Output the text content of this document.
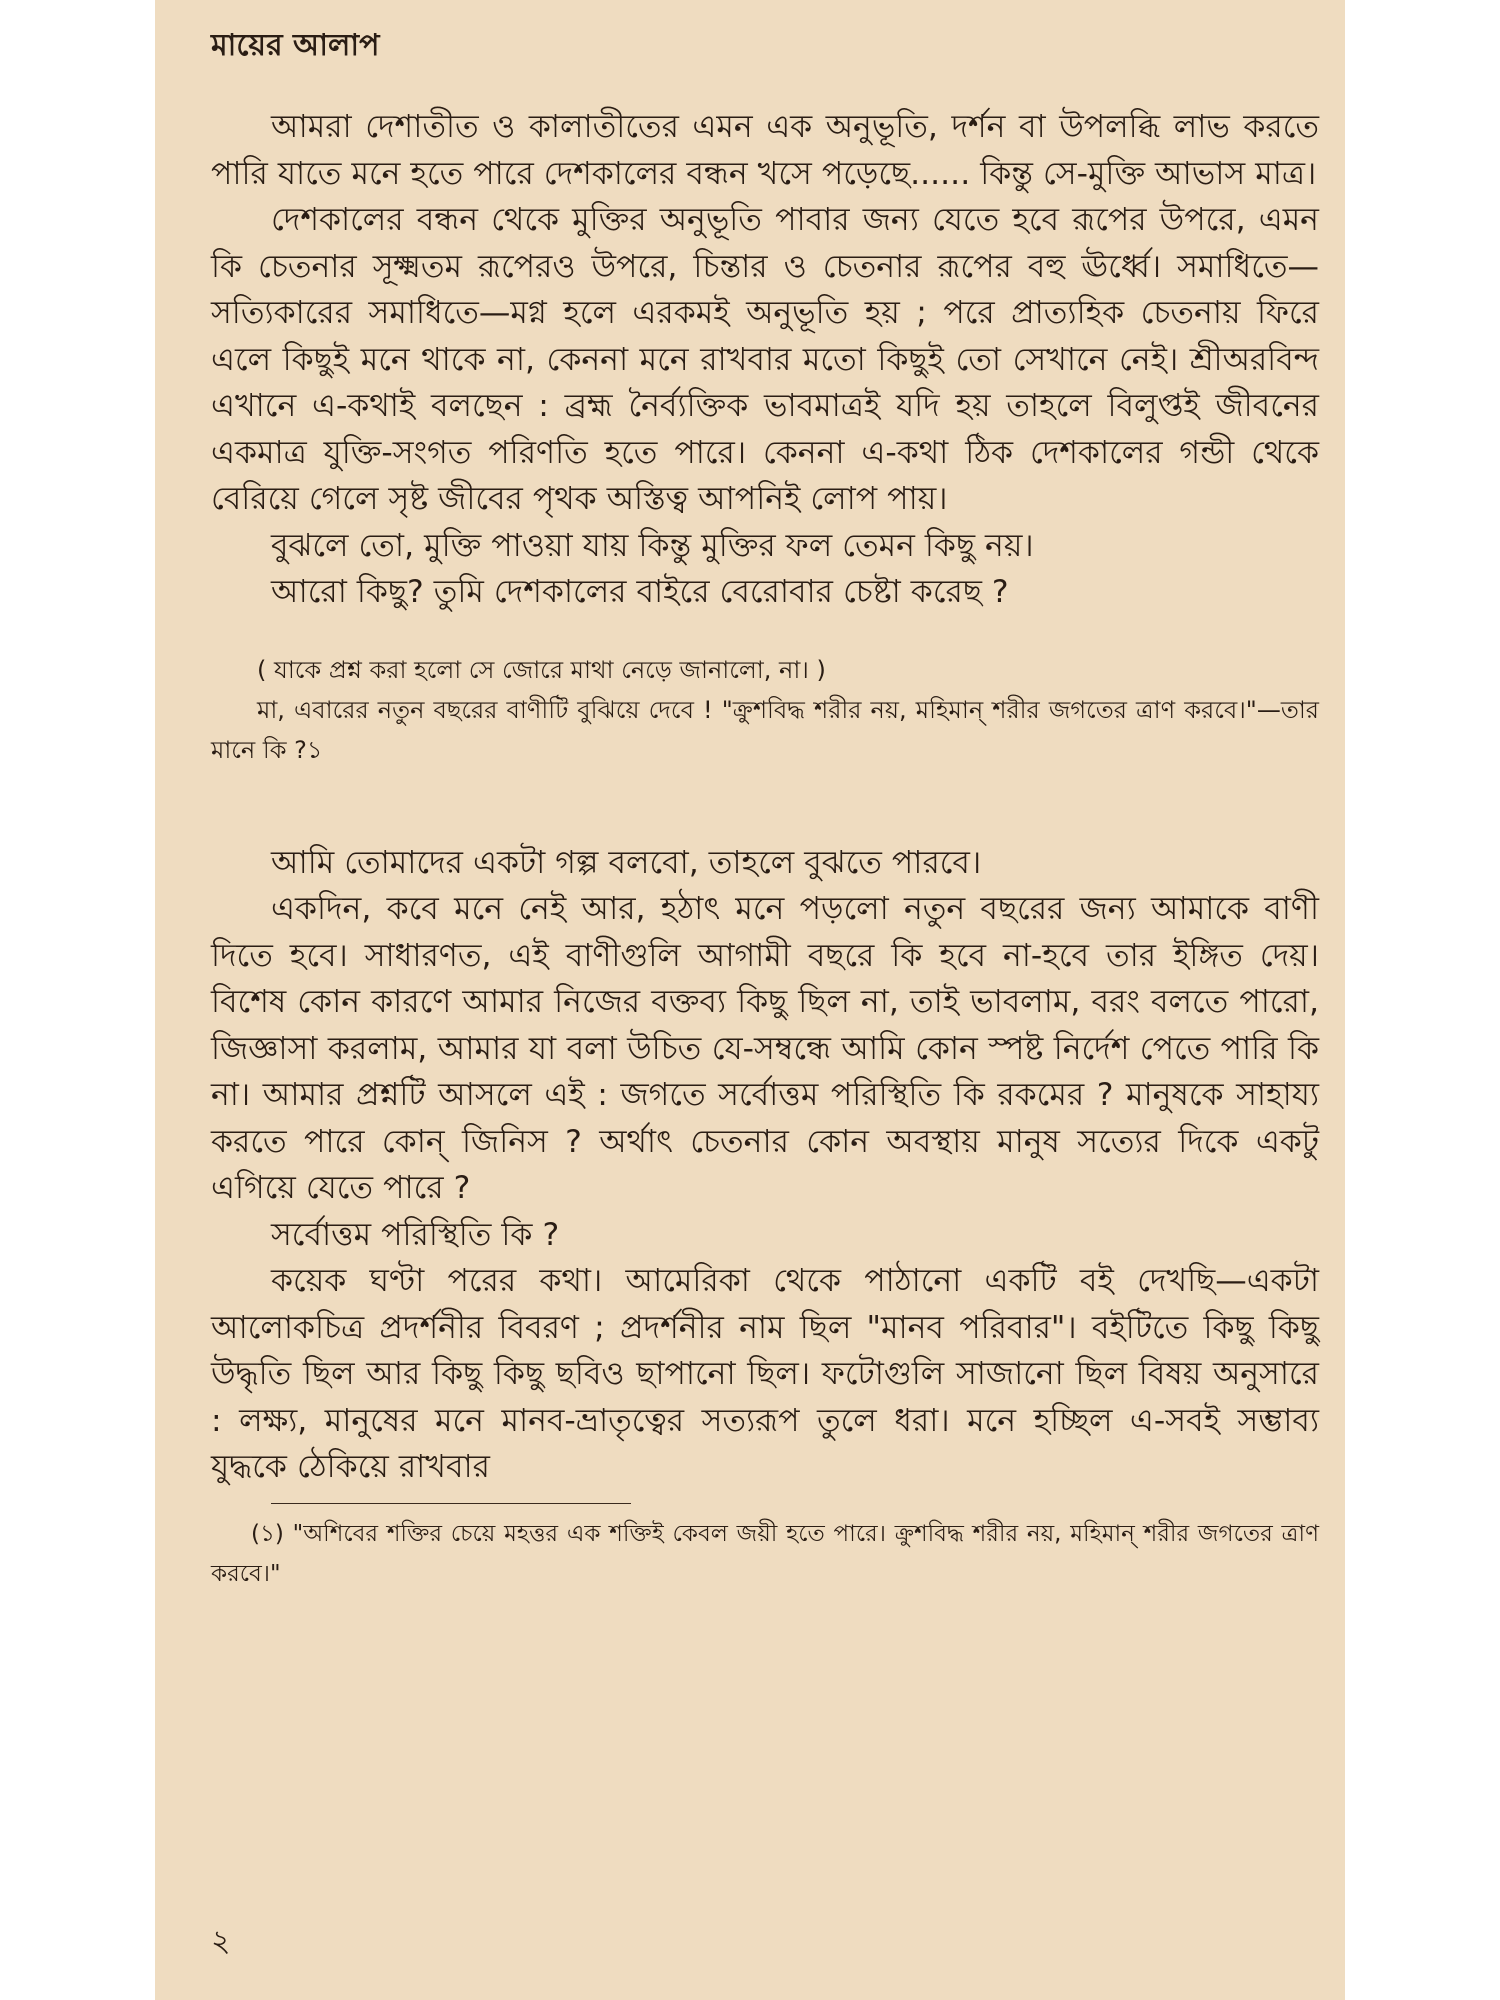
মায়ের আলাপ

আমরা দেশাতীত ও কালাতীতের এমন এক অনুভূতি, দর্শন বা উপলব্ধি লাভ করতে পারি যাতে মনে হতে পারে দেশকালের বন্ধন খসে পড়েছে...... কিন্তু সে-মুক্তি আভাস মাত্র।

দেশকালের বন্ধন থেকে মুক্তির অনুভূতি পাবার জন্য যেতে হবে রূপের উপরে, এমন কি চেতনার সূক্ষ্মতম রূপেরও উপরে, চিন্তার ও চেতনার রূপের বহু ঊর্ধ্বে। সমাধিতে—সত্যিকারের সমাধিতে—মগ্ন হলে এরকমই অনুভূতি হয় ; পরে প্রাত্যহিক চেতনায় ফিরে এলে কিছুই মনে থাকে না, কেননা মনে রাখবার মতো কিছুই তো সেখানে নেই। শ্রীঅরবিন্দ এখানে এ-কথাই বলছেন : ব্রহ্ম নৈর্ব্যক্তিক ভাবমাত্রই যদি হয় তাহলে বিলুপ্তই জীবনের একমাত্র যুক্তি-সংগত পরিণতি হতে পারে। কেননা এ-কথা ঠিক দেশকালের গন্ডী থেকে বেরিয়ে গেলে সৃষ্ট জীবের পৃথক অস্তিত্ব আপনিই লোপ পায়।

বুঝলে তো, মুক্তি পাওয়া যায় কিন্তু মুক্তির ফল তেমন কিছু নয়।

আরো কিছু? তুমি দেশকালের বাইরে বেরোবার চেষ্টা করেছ ?

( যাকে প্রশ্ন করা হলো সে জোরে মাথা নেড়ে জানালো, না। )

মা, এবারের নতুন বছরের বাণীটি বুঝিয়ে দেবে ! "ক্রুশবিদ্ধ শরীর নয়, মহিমান্ শরীর জগতের ত্রাণ করবে।"—তার মানে কি ?১

আমি তোমাদের একটা গল্প বলবো, তাহলে বুঝতে পারবে।

একদিন, কবে মনে নেই আর, হঠাৎ মনে পড়লো নতুন বছরের জন্য আমাকে বাণী দিতে হবে। সাধারণত, এই বাণীগুলি আগামী বছরে কি হবে না-হবে তার ইঙ্গিত দেয়। বিশেষ কোন কারণে আমার নিজের বক্তব্য কিছু ছিল না, তাই ভাবলাম, বরং বলতে পারো, জিজ্ঞাসা করলাম, আমার যা বলা উচিত যে-সম্বন্ধে আমি কোন স্পষ্ট নির্দেশ পেতে পারি কি না। আমার প্রশ্নটি আসলে এই : জগতে সর্বোত্তম পরিস্থিতি কি রকমের ? মানুষকে সাহায্য করতে পারে কোন্ জিনিস ? অর্থাৎ চেতনার কোন অবস্থায় মানুষ সত্যের দিকে একটু এগিয়ে যেতে পারে ?

সর্বোত্তম পরিস্থিতি কি ?

কয়েক ঘণ্টা পরের কথা। আমেরিকা থেকে পাঠানো একটি বই দেখছি—একটা আলোকচিত্র প্রদর্শনীর বিবরণ ; প্রদর্শনীর নাম ছিল "মানব পরিবার"। বইটিতে কিছু কিছু উদ্ধৃতি ছিল আর কিছু কিছু ছবিও ছাপানো ছিল। ফটোগুলি সাজানো ছিল বিষয় অনুসারে : লক্ষ্য, মানুষের মনে মানব-ভ্রাতৃত্বের সত্যরূপ তুলে ধরা। মনে হচ্ছিল এ-সবই সম্ভাব্য যুদ্ধকে ঠেকিয়ে রাখবার

(১) "অশিবের শক্তির চেয়ে মহত্তর এক শক্তিই কেবল জয়ী হতে পারে। ক্রুশবিদ্ধ শরীর নয়, মহিমান্ শরীর জগতের ত্রাণ করবে।"

২
